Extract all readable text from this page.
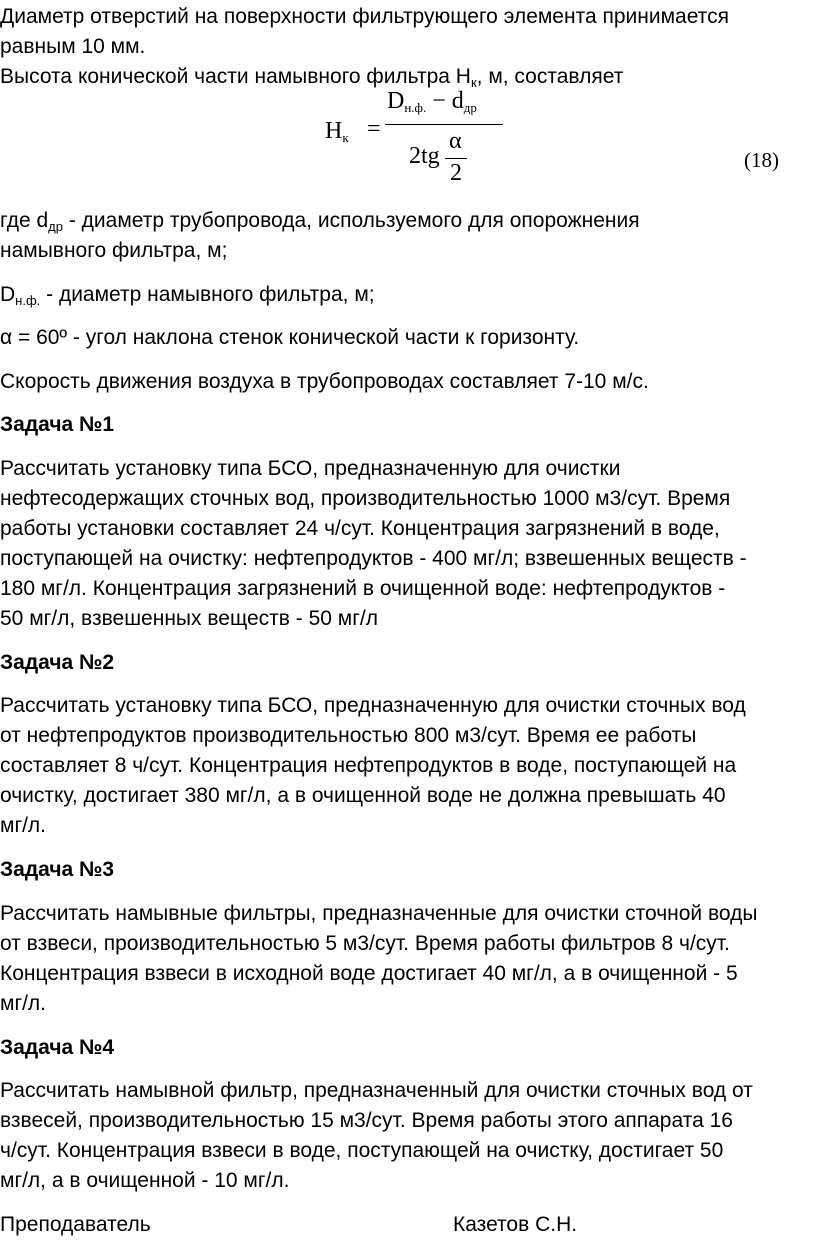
Диаметр отверстий на поверхности фильтрующего элемента принимается
равным 10 мм.
Высота конической части намывного фильтра $H_к$, м, составляет
$H_к$ =
$D_{н.ф.} - d_{др}$
2tg
α
2	(18)
где $d_{др}$ - диаметр трубопровода, используемого для опорожнения
намывного фильтра, м;
$D_{н.ф.}$ - диаметр намывного фильтра, м;
α = 60º - угол наклона стенок конической части к горизонту.
Скорость движения воздуха в трубопроводах составляет 7-10 м/с.
Задача №1
Рассчитать установку типа БСО, предназначенную для очистки
нефтесодержащих сточных вод, производительностью 1000 м3/сут. Время
работы установки составляет 24 ч/сут. Концентрация загрязнений в воде,
поступающей на очистку: нефтепродуктов - 400 мг/л; взвешенных веществ -
180 мг/л. Концентрация загрязнений в очищенной воде: нефтепродуктов -
50 мг/л, взвешенных веществ - 50 мг/л
Задача №2
Рассчитать установку типа БСО, предназначенную для очистки сточных вод
от нефтепродуктов производительностью 800 м3/сут. Время ее работы
составляет 8 ч/сут. Концентрация нефтепродуктов в воде, поступающей на
очистку, достигает 380 мг/л, а в очищенной воде не должна превышать 40
мг/л.
Задача №3
Рассчитать намывные фильтры, предназначенные для очистки сточной воды
от взвеси, производительностью 5 м3/сут. Время работы фильтров 8 ч/сут.
Концентрация взвеси в исходной воде достигает 40 мг/л, а в очищенной - 5
мг/л.
Задача №4
Рассчитать намывной фильтр, предназначенный для очистки сточных вод от
взвесей, производительностью 15 м3/сут. Время работы этого аппарата 16
ч/сут. Концентрация взвеси в воде, поступающей на очистку, достигает 50
мг/л, а в очищенной - 10 мг/л.
Преподаватель	Казетов С.Н.
